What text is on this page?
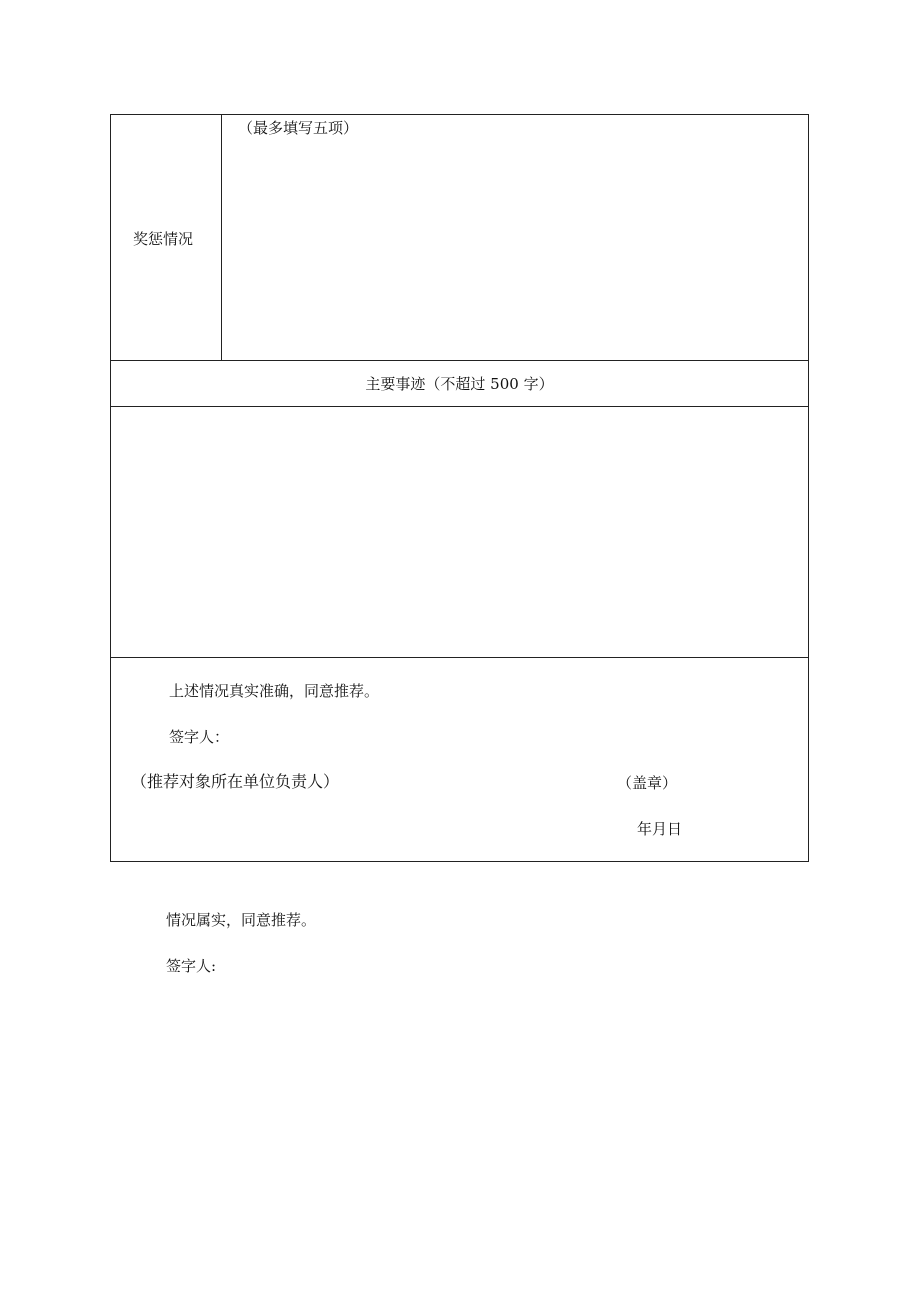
奖惩情况
（最多填写五项）
主要事迹（不超过 500 字）
上述情况真实准确，同意推荐。
签字人：
（推荐对象所在单位负责人）	（盖章）
年月日
情况属实，同意推荐。
签字人:
